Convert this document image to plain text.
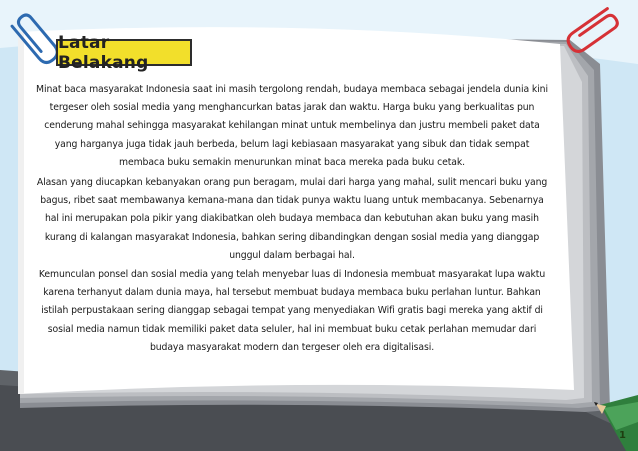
Latar Belakang

Minat baca masyarakat Indonesia saat ini masih tergolong rendah, budaya membaca sebagai jendela dunia kini tergeser oleh sosial media yang menghancurkan batas jarak dan waktu. Harga buku yang berkualitas pun cenderung mahal sehingga masyarakat kehilangan minat untuk membelinya dan justru membeli paket data yang harganya juga tidak jauh berbeda, belum lagi kebiasaan masyarakat yang sibuk dan tidak sempat membaca buku semakin menurunkan minat baca mereka pada buku cetak.

Alasan yang diucapkan kebanyakan orang pun beragam, mulai dari harga yang mahal, sulit mencari buku yang bagus, ribet saat membawanya kemana-mana dan tidak punya waktu luang untuk membacanya. Sebenarnya hal ini merupakan pola pikir yang diakibatkan oleh budaya membaca dan kebutuhan akan buku yang masih kurang di kalangan masyarakat Indonesia, bahkan sering dibandingkan dengan sosial media yang dianggap unggul dalam berbagai hal.

Kemunculan ponsel dan sosial media yang telah menyebar luas di Indonesia membuat masyarakat lupa waktu karena terhanyut dalam dunia maya, hal tersebut membuat budaya membaca buku perlahan luntur. Bahkan istilah perpustakaan sering dianggap sebagai tempat yang menyediakan Wifi gratis bagi mereka yang aktif di sosial media namun tidak memiliki paket data seluler, hal ini membuat buku cetak perlahan memudar dari budaya masyarakat modern dan tergeser oleh era digitalisasi.

1
